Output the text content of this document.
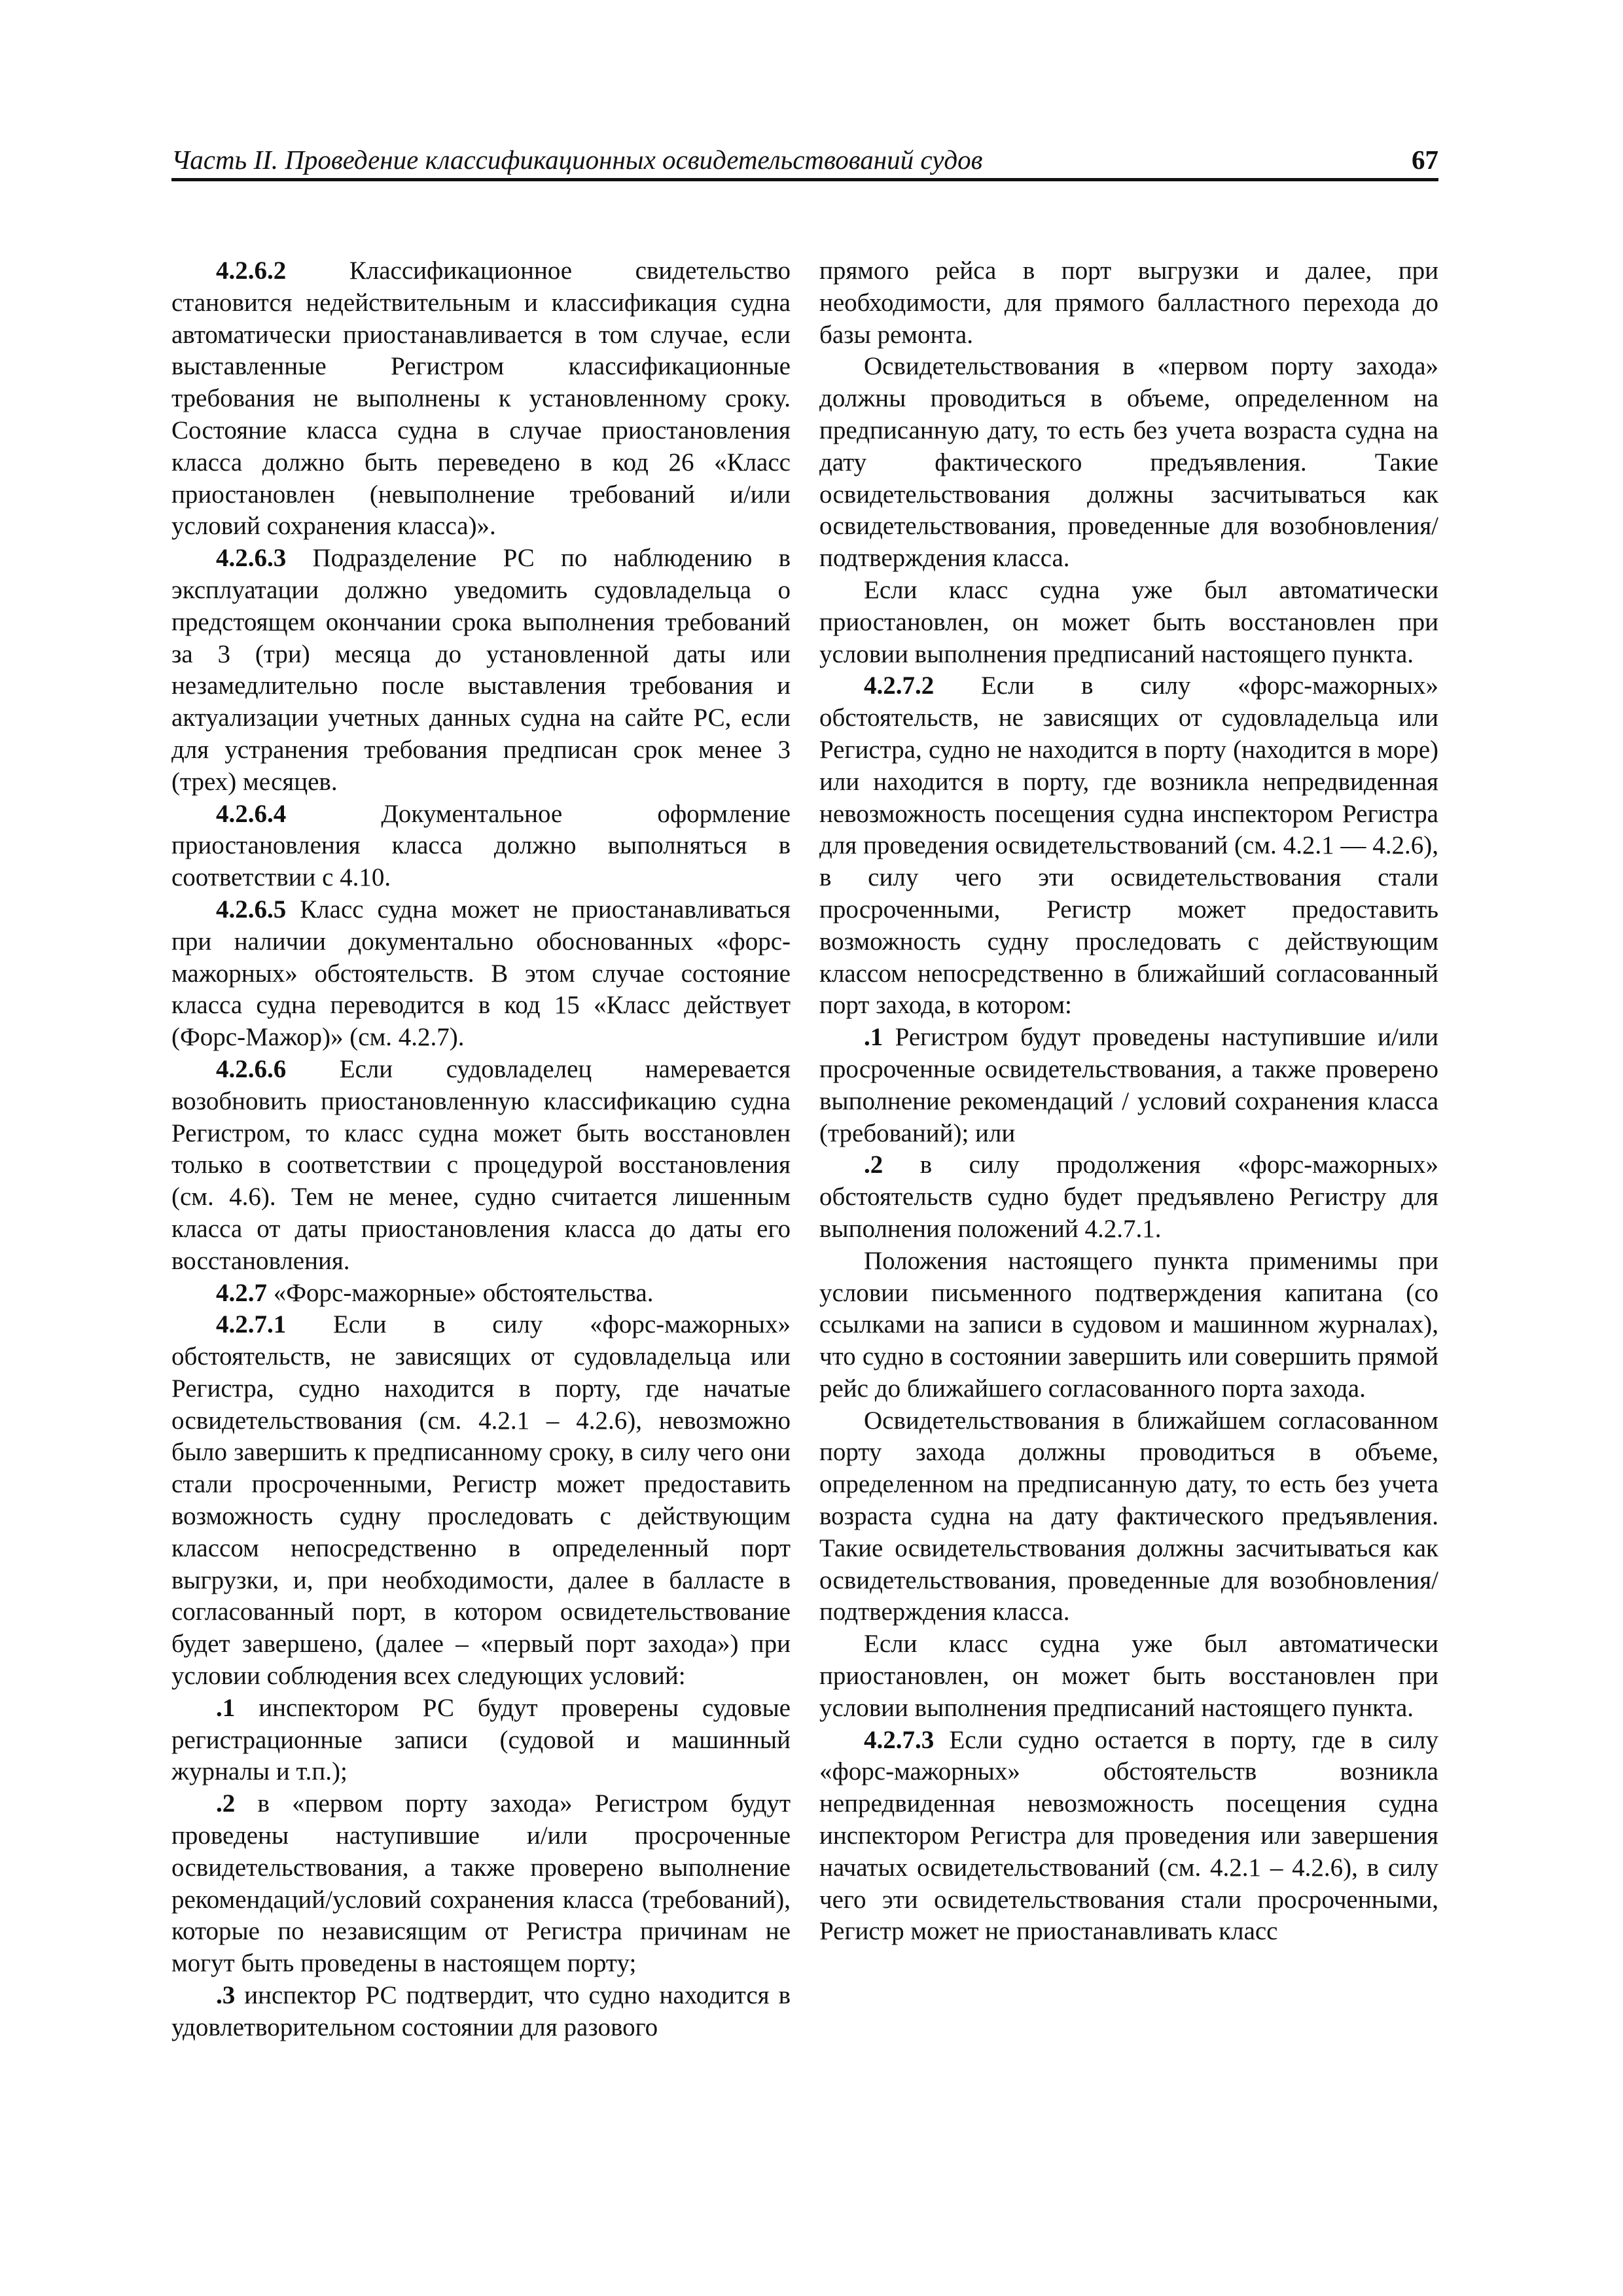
Часть II. Проведение классификационных освидетельствований судов	67

4.2.6.2 Классификационное свидетельство становится недействительным и классификация судна автоматически приостанавливается в том случае, если выставленные Регистром классификационные требования не выполнены к установленному сроку. Состояние класса судна в случае приостановления класса должно быть переведено в код 26 «Класс приостановлен (невыполнение требований и/или условий сохранения класса)».

4.2.6.3 Подразделение РС по наблюдению в эксплуатации должно уведомить судовладельца о предстоящем окончании срока выполнения требований за 3 (три) месяца до установленной даты или незамедлительно после выставления требования и актуализации учетных данных судна на сайте РС, если для устранения требования предписан срок менее 3 (трех) месяцев.

4.2.6.4 Документальное оформление приостановления класса должно выполняться в соответствии с 4.10.

4.2.6.5 Класс судна может не приостанавливаться при наличии документально обоснованных «форс-мажорных» обстоятельств. В этом случае состояние класса судна переводится в код 15 «Класс действует (Форс-Мажор)» (см. 4.2.7).

4.2.6.6 Если судовладелец намеревается возобновить приостановленную классификацию судна Регистром, то класс судна может быть восстановлен только в соответствии с процедурой восстановления (см. 4.6). Тем не менее, судно считается лишенным класса от даты приостановления класса до даты его восстановления.

4.2.7 «Форс-мажорные» обстоятельства.

4.2.7.1 Если в силу «форс-мажорных» обстоятельств, не зависящих от судовладельца или Регистра, судно находится в порту, где начатые освидетельствования (см. 4.2.1 – 4.2.6), невозможно было завершить к предписанному сроку, в силу чего они стали просроченными, Регистр может предоставить возможность судну проследовать с действующим классом непосредственно в определенный порт выгрузки, и, при необходимости, далее в балласте в согласованный порт, в котором освидетельствование будет завершено, (далее – «первый порт захода») при условии соблюдения всех следующих условий:

.1 инспектором РС будут проверены судовые регистрационные записи (судовой и машинный журналы и т.п.);

.2 в «первом порту захода» Регистром будут проведены наступившие и/или просроченные освидетельствования, а также проверено выполнение рекомендаций/условий сохранения класса (требований), которые по независящим от Регистра причинам не могут быть проведены в настоящем порту;

.3 инспектор РС подтвердит, что судно находится в удовлетворительном состоянии для разового

прямого рейса в порт выгрузки и далее, при необходимости, для прямого балластного перехода до базы ремонта.

Освидетельствования в «первом порту захода» должны проводиться в объеме, определенном на предписанную дату, то есть без учета возраста судна на дату фактического предъявления. Такие освидетельствования должны засчитываться как освидетельствования, проведенные для возобновления/подтверждения класса.

Если класс судна уже был автоматически приостановлен, он может быть восстановлен при условии выполнения предписаний настоящего пункта.

4.2.7.2 Если в силу «форс-мажорных» обстоятельств, не зависящих от судовладельца или Регистра, судно не находится в порту (находится в море) или находится в порту, где возникла непредвиденная невозможность посещения судна инспектором Регистра для проведения освидетельствований (см. 4.2.1 — 4.2.6), в силу чего эти освидетельствования стали просроченными, Регистр может предоставить возможность судну проследовать с действующим классом непосредственно в ближайший согласованный порт захода, в котором:

.1 Регистром будут проведены наступившие и/или просроченные освидетельствования, а также проверено выполнение рекомендаций / условий сохранения класса (требований); или

.2 в силу продолжения «форс-мажорных» обстоятельств судно будет предъявлено Регистру для выполнения положений 4.2.7.1.

Положения настоящего пункта применимы при условии письменного подтверждения капитана (со ссылками на записи в судовом и машинном журналах), что судно в состоянии завершить или совершить прямой рейс до ближайшего согласованного порта захода.

Освидетельствования в ближайшем согласованном порту захода должны проводиться в объеме, определенном на предписанную дату, то есть без учета возраста судна на дату фактического предъявления. Такие освидетельствования должны засчитываться как освидетельствования, проведенные для возобновления/подтверждения класса.

Если класс судна уже был автоматически приостановлен, он может быть восстановлен при условии выполнения предписаний настоящего пункта.

4.2.7.3 Если судно остается в порту, где в силу «форс-мажорных» обстоятельств возникла непредвиденная невозможность посещения судна инспектором Регистра для проведения или завершения начатых освидетельствований (см. 4.2.1 – 4.2.6), в силу чего эти освидетельствования стали просроченными, Регистр может не приостанавливать класс
